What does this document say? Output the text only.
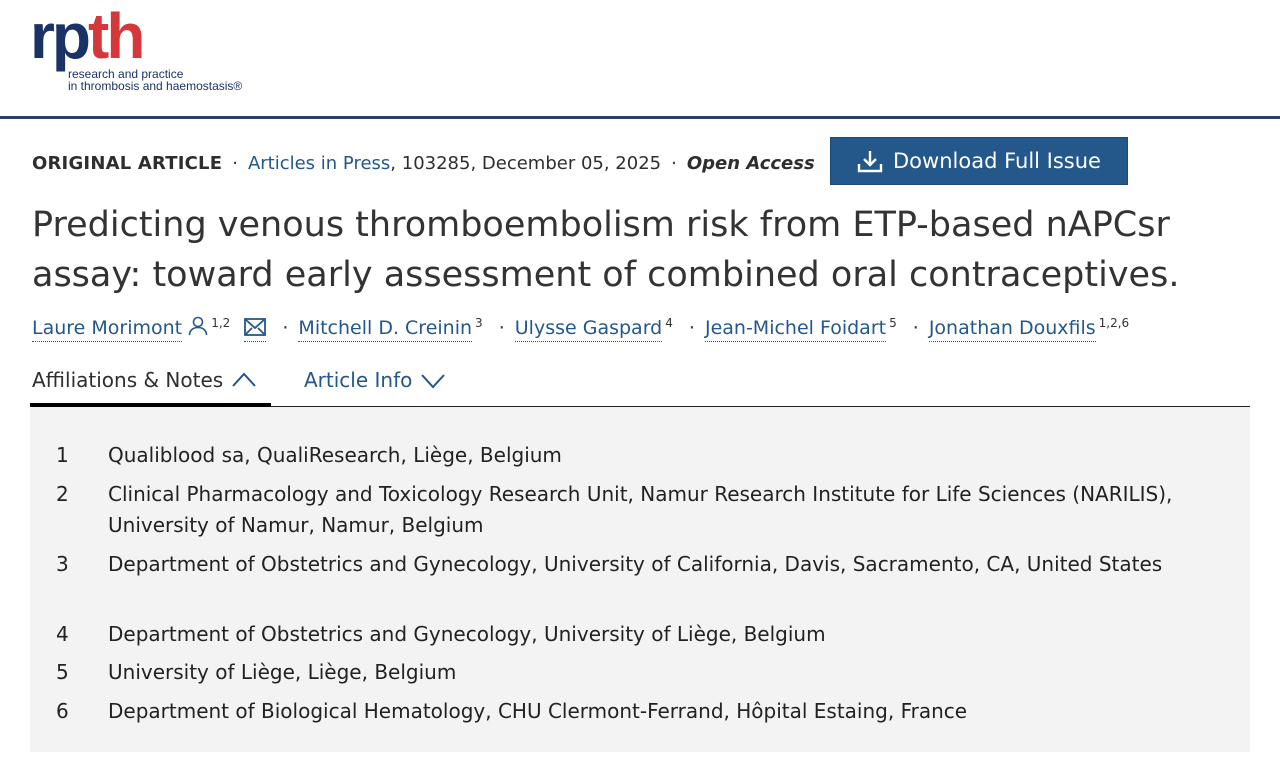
rpth
research and practice
in thrombosis and haemostasis®
ORIGINAL ARTICLE · Articles in Press, 103285, December 05, 2025 · Open Access	Download Full Issue
Predicting venous thromboembolism risk from ETP-based nAPCsr assay: toward early assessment of combined oral contraceptives.
Laure Morimont $^{1,2}$	· Mitchell D. Creinin $^3$ · Ulysse Gaspard $^4$ · Jean-Michel Foidart $^5$ · Jonathan Douxfils $^{1,2,6}$
Affiliations & Notes	Article Info
1	Qualiblood sa, QualiResearch, Liège, Belgium
2	Clinical Pharmacology and Toxicology Research Unit, Namur Research Institute for Life Sciences (NARILIS), University of Namur, Namur, Belgium
3	Department of Obstetrics and Gynecology, University of California, Davis, Sacramento, CA, United States
4	Department of Obstetrics and Gynecology, University of Liège, Belgium
5	University of Liège, Liège, Belgium
6	Department of Biological Hematology, CHU Clermont-Ferrand, Hôpital Estaing, France
